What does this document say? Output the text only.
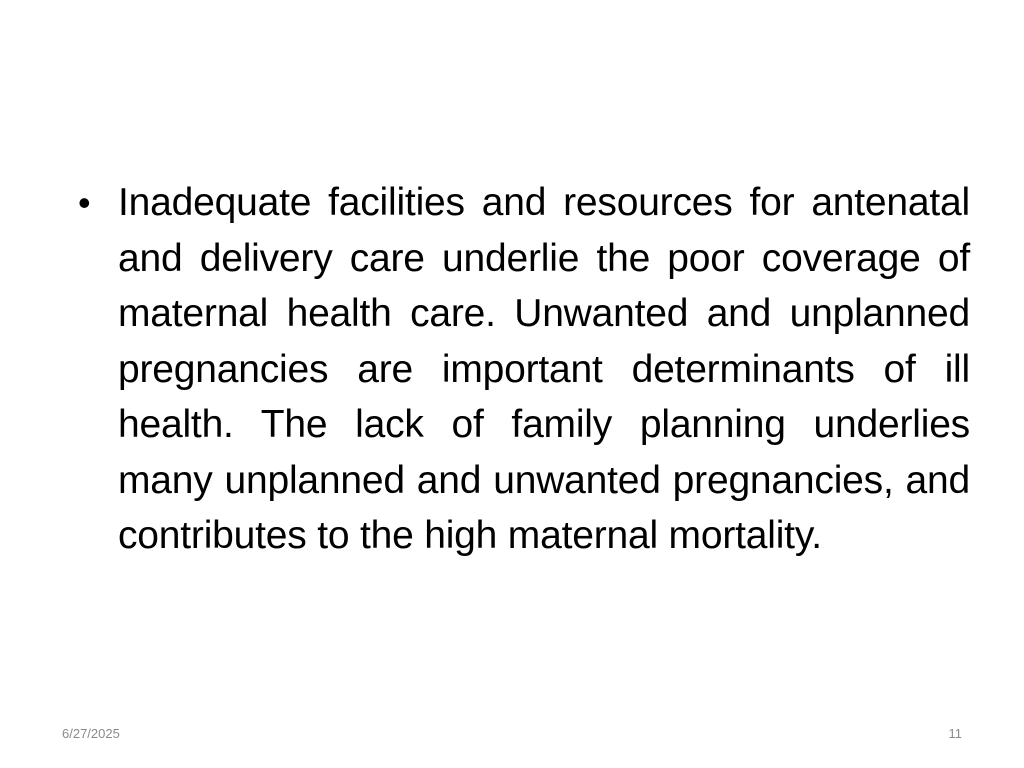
• Inadequate facilities and resources for antenatal and delivery care underlie the poor coverage of maternal health care. Unwanted and unplanned pregnancies are important determinants of ill health. The lack of family planning underlies many unplanned and unwanted pregnancies, and contributes to the high maternal mortality.
6/27/2025	11
